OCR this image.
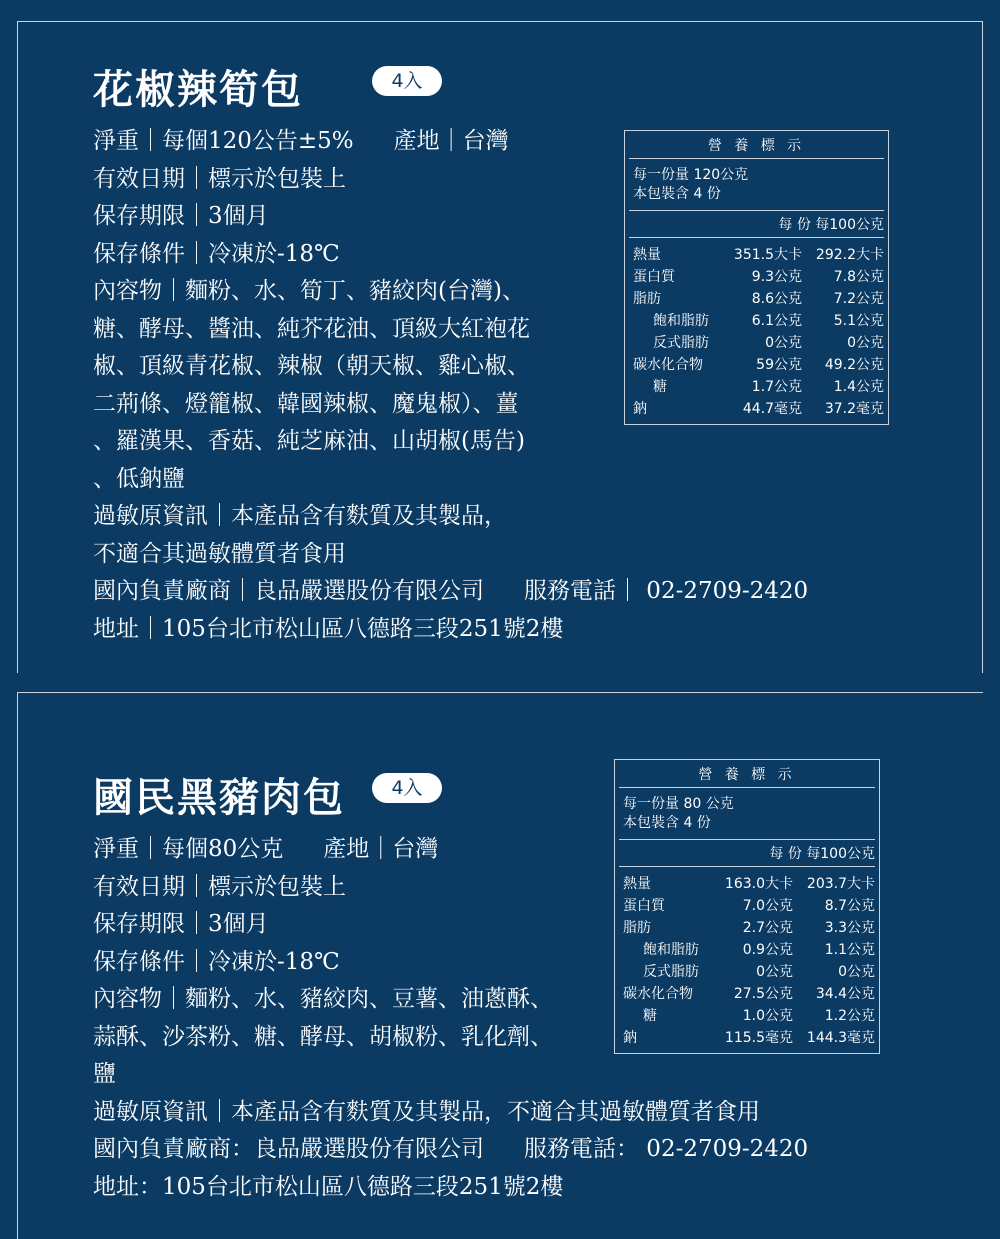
花椒辣筍包	4入

淨重｜每個120公告±5% 產地｜台灣

有效日期｜標示於包裝上

保存期限｜3個月

保存條件｜冷凍於-18℃

內容物｜麵粉、水、筍丁、豬絞肉(台灣)、

糖、酵母、醬油、純芥花油、頂級大紅袍花

椒、頂級青花椒、辣椒（朝天椒、雞心椒、

二荊條、燈籠椒、韓國辣椒、魔鬼椒）、薑

、羅漢果、香菇、純芝麻油、山胡椒(馬告)

、低鈉鹽

過敏原資訊｜本產品含有麩質及其製品，

不適合其過敏體質者食用

國內負責廠商｜良品嚴選股份有限公司 服務電話｜ 02-2709-2420

地址｜105台北市松山區八德路三段251號2樓

營 養 標 示
每一份量 120公克
本包裝含 4 份
每 份 每100公克
熱量	351.5大卡 292.2大卡
蛋白質	9.3公克	7.8公克
脂肪	8.6公克	7.2公克
飽和脂肪	6.1公克	5.1公克
反式脂肪	0公克	0公克
碳水化合物	59公克	49.2公克
糖	1.7公克	1.4公克
鈉	44.7毫克	37.2毫克
國民黑豬肉包	4入

淨重｜每個80公克 產地｜台灣

有效日期｜標示於包裝上

保存期限｜3個月

保存條件｜冷凍於-18℃

內容物｜麵粉、水、豬絞肉、豆薯、油蔥酥、

蒜酥、沙茶粉、糖、酵母、胡椒粉、乳化劑、

鹽

過敏原資訊｜本產品含有麩質及其製品，不適合其過敏體質者食用

國內負責廠商：良品嚴選股份有限公司 服務電話： 02-2709-2420

地址：105台北市松山區八德路三段251號2樓

營 養 標 示
每一份量 80 公克
本包裝含 4 份
每 份 每100公克
熱量	163.0大卡 203.7大卡
蛋白質	7.0公克	8.7公克
脂肪	2.7公克	3.3公克
飽和脂肪	0.9公克	1.1公克
反式脂肪	0公克	0公克
碳水化合物	27.5公克	34.4公克
糖	1.0公克	1.2公克
鈉	115.5毫克 144.3毫克
